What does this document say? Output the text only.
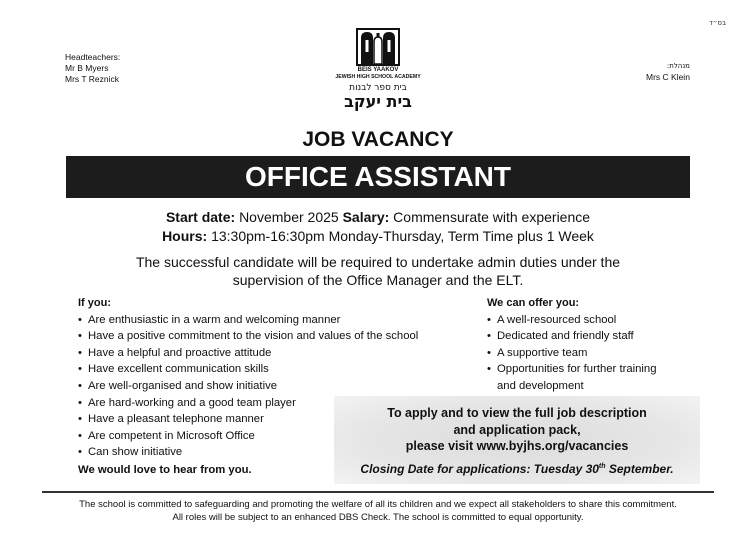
בס״ד
Headteachers:
Mr B Myers
Mrs T Reznick
BEIS YAAKOV
JEWISH HIGH SCHOOL ACADEMY
בית ספר לבנות
בית יעקב
מנהלת:
Mrs C Klein
JOB VACANCY
OFFICE ASSISTANT
Start date: November 2025 Salary: Commensurate with experience
Hours: 13:30pm-16:30pm Monday-Thursday, Term Time plus 1 Week
The successful candidate will be required to undertake admin duties under the supervision of the Office Manager and the ELT.
If you:
• Are enthusiastic in a warm and welcoming manner
• Have a positive commitment to the vision and values of the school
• Have a helpful and proactive attitude
• Have excellent communication skills
• Are well-organised and show initiative
• Are hard-working and a good team player
• Have a pleasant telephone manner
• Are competent in Microsoft Office
• Can show initiative
We would love to hear from you.
We can offer you:
• A well-resourced school
• Dedicated and friendly staff
• A supportive team
• Opportunities for further training
and development
To apply and to view the full job description
and application pack,
please visit www.byjhs.org/vacancies
Closing Date for applications: Tuesday 30th September.
The school is committed to safeguarding and promoting the welfare of all its children and we expect all stakeholders to share this commitment.
All roles will be subject to an enhanced DBS Check. The school is committed to equal opportunity.
